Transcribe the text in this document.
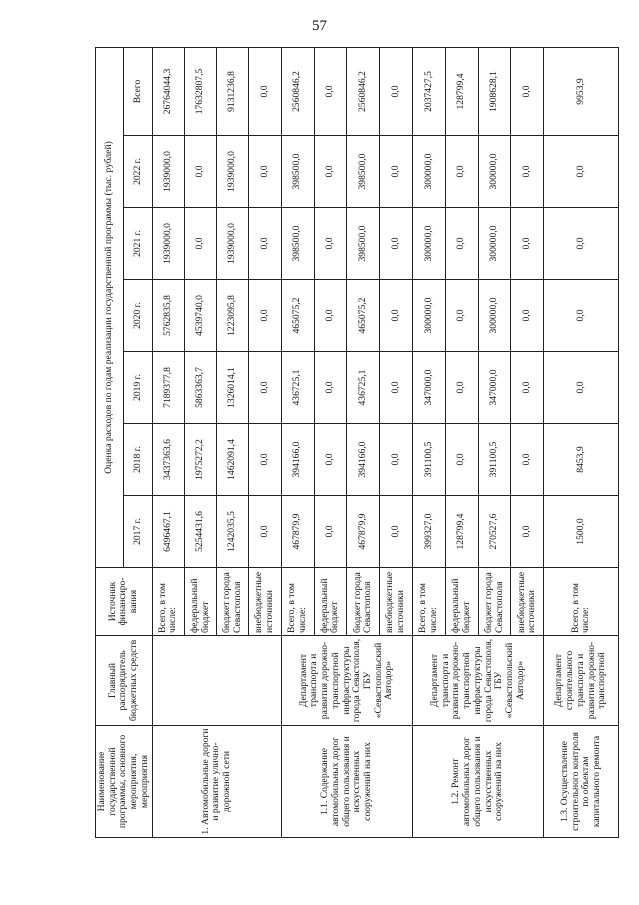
57
Наименование государственной программы, основного мероприятия, мероприятия	Главный распорядитель бюджетных средств	Источник финансиро-вания	Оценка расходов по годам реализации государственной программы (тыс. рублей)						
			2017 г.	2018 г.	2019 г.	2020 г.	2021 г.	2022 г.	Всего
1. Автомобильные дороги и развитие улично-дорожной сети		Всего, в том числе:	6496467,1	3437363,6	7189377,8	5762835,8	1939000,0	1939000,0	26764044,3
		федеральный бюджет	5254431,6	1975272,2	5863363,7	4539740,0	0,0	0,0	17632807,5
		бюджет города Севастополя	1242035,5	1462091,4	1326014,1	1223095,8	1939000,0	1939000,0	9131236,8
		внебюджетные источники	0,0	0,0	0,0	0,0	0,0	0,0	0,0
1.1. Содержание автомобильных дорог общего пользования и искусственных сооружений на них	Департамент транспорта и развития дорожно-транспортной инфраструктуры города Севастополя, ГБУ «Севастопольский Автодор»	Всего, в том числе:	467879,9	394166,0	436725,1	465075,2	398500,0	398500,0	2560846,2
		федеральный бюджет	0,0	0,0	0,0	0,0	0,0	0,0	0,0
		бюджет города Севастополя	467879,9	394166,0	436725,1	465075,2	398500,0	398500,0	2560846,2
		внебюджетные источники	0,0	0,0	0,0	0,0	0,0	0,0	0,0
1.2. Ремонт автомобильных дорог общего пользования и искусственных сооружений на них	Департамент транспорта и развития дорожно-транспортной инфраструктуры города Севастополя, ГБУ «Севастопольский Автодор»	Всего, в том числе:	399327,0	391100,5	347000,0	300000,0	300000,0	300000,0	2037427,5
		федеральный бюджет	128799,4	0,0	0,0	0,0	0,0	0,0	128799,4
		бюджет города Севастополя	270527,6	391100,5	347000,0	300000,0	300000,0	300000,0	1908628,1
		внебюджетные источники	0,0	0,0	0,0	0,0	0,0	0,0	0,0
1.3. Осуществление строительного контроля по объектам капитального ремонта	Департамент строительного транспорта и развития дорожно-транспортной	Всего, в том числе:	1500,0	8453,9	0,0	0,0	0,0	0,0	9953,9
